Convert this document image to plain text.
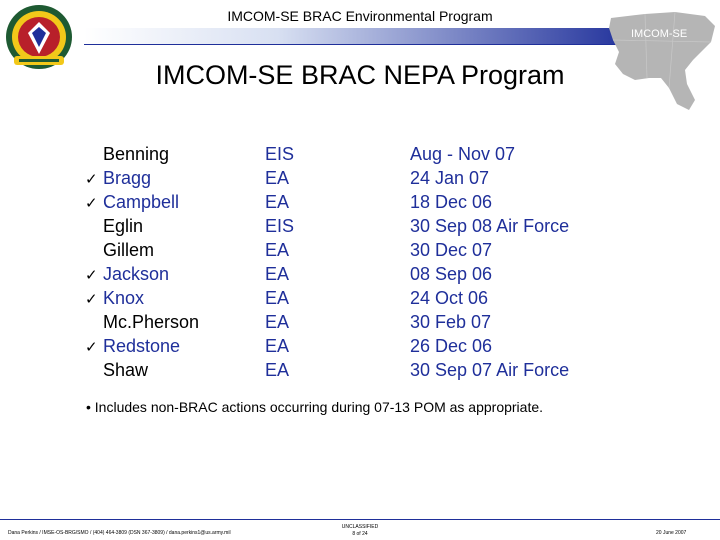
IMCOM-SE BRAC Environmental Program
IMCOM-SE
IMCOM-SE BRAC NEPA Program
Benning
✓ Bragg
✓ Campbell
Eglin
Gillem
✓ Jackson
✓ Knox
Mc.Pherson
✓ Redstone
Shaw
EIS
EA
EA
EIS
EA
EA
EA
EA
EA
EA
Aug - Nov 07
24 Jan 07
18 Dec 06
30 Sep 08 Air Force
30 Dec 07
08 Sep 06
24 Oct 06
30 Feb 07
26 Dec 06
30 Sep 07 Air Force
• Includes non-BRAC actions occurring during 07-13 POM as appropriate.
Dana Perkins / IMSE-OS-BRG/SMO / (404) 464-3809 (DSN 367-3809) / dana.perkins1@us.army.mil
UNCLASSIFIED
8 of 24	20 June 2007
